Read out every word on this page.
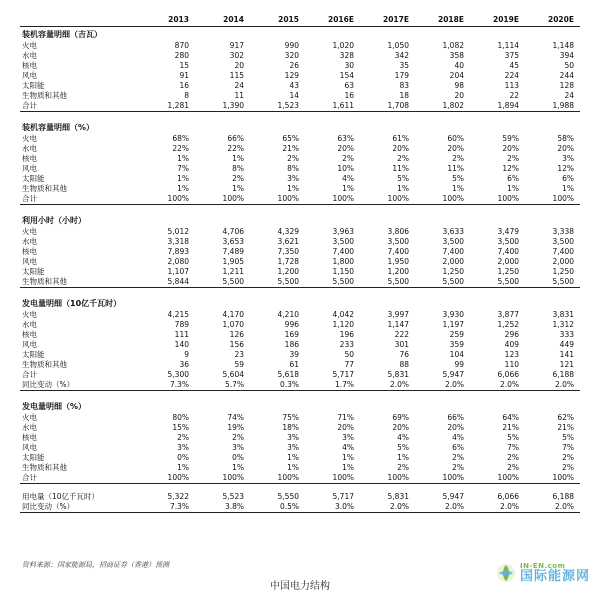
	2013	2014	2015	2016E	2017E	2018E	2019E	2020E
装机容量明细（吉瓦）								
火电	870	917	990	1,020	1,050	1,082	1,114	1,148
水电	280	302	320	328	342	358	375	394
核电	15	20	26	30	35	40	45	50
风电	91	115	129	154	179	204	224	244
太阳能	16	24	43	63	83	98	113	128
生物质和其他	8	11	14	16	18	20	22	24
合计	1,281	1,390	1,523	1,611	1,708	1,802	1,894	1,988

装机容量明细（%）								
火电	68%	66%	65%	63%	61%	60%	59%	58%
水电	22%	22%	21%	20%	20%	20%	20%	20%
核电	1%	1%	2%	2%	2%	2%	2%	3%
风电	7%	8%	8%	10%	11%	11%	12%	12%
太阳能	1%	2%	3%	4%	5%	5%	6%	6%
生物质和其他	1%	1%	1%	1%	1%	1%	1%	1%
合计	100%	100%	100%	100%	100%	100%	100%	100%

利用小时（小时）								
火电	5,012	4,706	4,329	3,963	3,806	3,633	3,479	3,338
水电	3,318	3,653	3,621	3,500	3,500	3,500	3,500	3,500
核电	7,893	7,489	7,350	7,400	7,400	7,400	7,400	7,400
风电	2,080	1,905	1,728	1,800	1,950	2,000	2,000	2,000
太阳能	1,107	1,211	1,200	1,150	1,200	1,250	1,250	1,250
生物质和其他	5,844	5,500	5,500	5,500	5,500	5,500	5,500	5,500

发电量明细（10亿千瓦时）								
火电	4,215	4,170	4,210	4,042	3,997	3,930	3,877	3,831
水电	789	1,070	996	1,120	1,147	1,197	1,252	1,312
核电	111	126	169	196	222	259	296	333
风电	140	156	186	233	301	359	409	449
太阳能	9	23	39	50	76	104	123	141
生物质和其他	36	59	61	77	88	99	110	121
合计	5,300	5,604	5,618	5,717	5,831	5,947	6,066	6,188
同比变动（%）	7.3%	5.7%	0.3%	1.7%	2.0%	2.0%	2.0%	2.0%

发电量明细（%）								
火电	80%	74%	75%	71%	69%	66%	64%	62%
水电	15%	19%	18%	20%	20%	20%	21%	21%
核电	2%	2%	3%	3%	4%	4%	5%	5%
风电	3%	3%	3%	4%	5%	6%	7%	7%
太阳能	0%	0%	1%	1%	1%	2%	2%	2%
生物质和其他	1%	1%	1%	1%	2%	2%	2%	2%
合计	100%	100%	100%	100%	100%	100%	100%	100%

用电量（10亿千瓦时）	5,322	5,523	5,550	5,717	5,831	5,947	6,066	6,188
同比变动（%）	7.3%	3.8%	0.5%	3.0%	2.0%	2.0%	2.0%	2.0%
资料来源：国家能源局，招商证券（香港）预测
中国电力结构
IN-EN.com
国际能源网
